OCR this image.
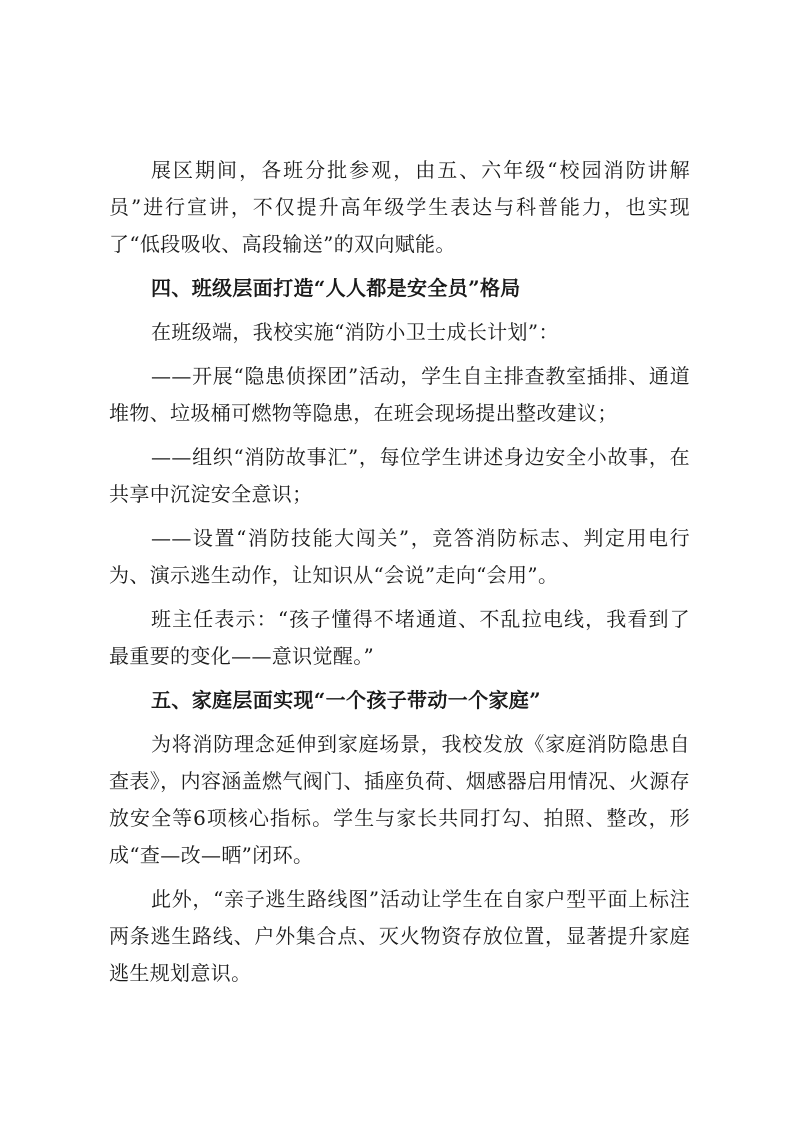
展区期间，各班分批参观，由五、六年级“校园消防讲解员”进行宣讲，不仅提升高年级学生表达与科普能力，也实现了“低段吸收、高段输送”的双向赋能。

四、班级层面打造“人人都是安全员”格局

在班级端，我校实施“消防小卫士成长计划”：

——开展“隐患侦探团”活动，学生自主排查教室插排、通道堆物、垃圾桶可燃物等隐患，在班会现场提出整改建议；

——组织“消防故事汇”，每位学生讲述身边安全小故事，在共享中沉淀安全意识；

——设置“消防技能大闯关”，竞答消防标志、判定用电行为、演示逃生动作，让知识从“会说”走向“会用”。

班主任表示：“孩子懂得不堵通道、不乱拉电线，我看到了最重要的变化——意识觉醒。”

五、家庭层面实现“一个孩子带动一个家庭”

为将消防理念延伸到家庭场景，我校发放《家庭消防隐患自查表》，内容涵盖燃气阀门、插座负荷、烟感器启用情况、火源存放安全等6项核心指标。学生与家长共同打勾、拍照、整改，形成“查—改—晒”闭环。

此外，“亲子逃生路线图”活动让学生在自家户型平面上标注两条逃生路线、户外集合点、灭火物资存放位置，显著提升家庭逃生规划意识。
